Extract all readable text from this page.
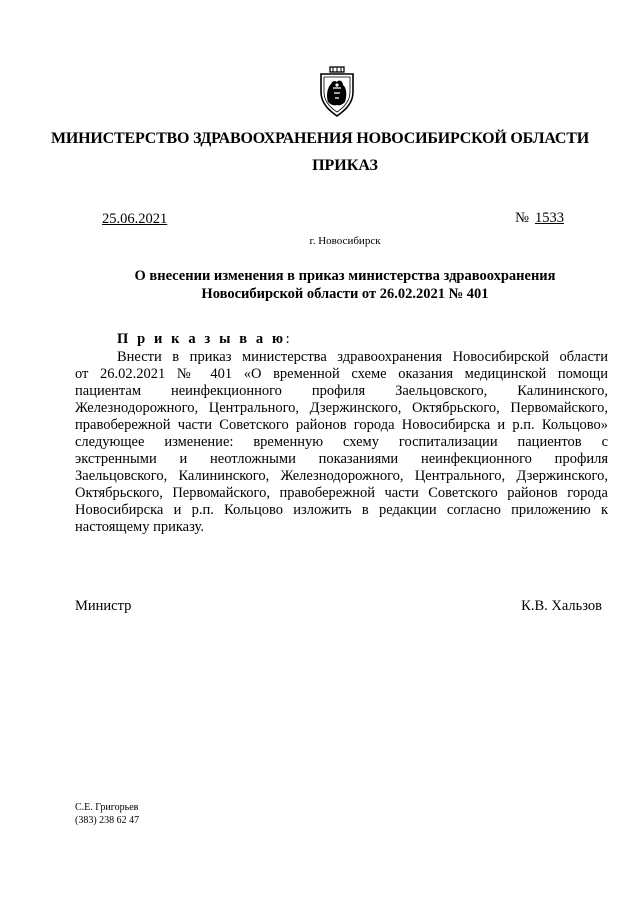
МИНИСТЕРСТВО ЗДРАВООХРАНЕНИЯ НОВОСИБИРСКОЙ ОБЛАСТИ
ПРИКАЗ
25.06.2021	№ 1533
г. Новосибирск
О внесении изменения в приказ министерства здравоохранения
Новосибирской области от 26.02.2021 № 401
П р и к а з ы в а ю:
Внести в приказ министерства здравоохранения Новосибирской области
от 26.02.2021 № 401 «О временной схеме оказания медицинской помощи
пациентам неинфекционного профиля Заельцовского, Калининского,
Железнодорожного, Центрального, Дзержинского, Октябрьского, Первомайского,
правобережной части Советского районов города Новосибирска и р.п. Кольцово»
следующее изменение: временную схему госпитализации пациентов с
экстренными и неотложными показаниями неинфекционного профиля
Заельцовского, Калининского, Железнодорожного, Центрального, Дзержинского,
Октябрьского, Первомайского, правобережной части Советского районов города
Новосибирска и р.п. Кольцово изложить в редакции согласно приложению к
настоящему приказу.
Министр	К.В. Хальзов
С.Е. Григорьев
(383) 238 62 47
